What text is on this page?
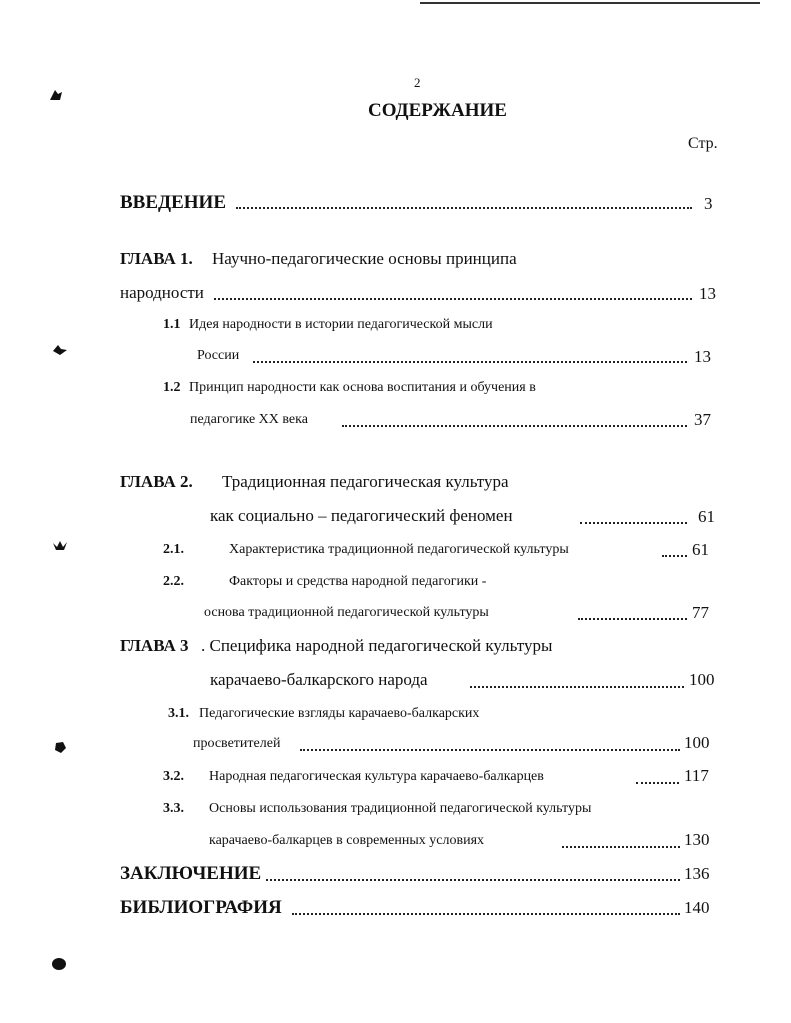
2
СОДЕРЖАНИЕ
Стр.
ВВЕДЕНИЕ	3
ГЛАВА 1. Научно-педагогические основы принципа
народности	13
1.1 Идея народности в истории педагогической мысли
России	13
1.2 Принцип народности как основа воспитания и обучения в
педагогике XX века	37
ГЛАВА 2. Традиционная педагогическая культура
как социально – педагогический феномен	61
2.1.	Характеристика традиционной педагогической культуры	61
2.2.	Факторы и средства народной педагогики -
основа традиционной педагогической культуры	77
ГЛАВА 3 . Специфика народной педагогической культуры
карачаево-балкарского народа	100
3.1. Педагогические взгляды карачаево-балкарских
просветителей	100
3.2. Народная педагогическая культура карачаево-балкарцев	117
3.3. Основы использования традиционной педагогической культуры
карачаево-балкарцев в современных условиях	130
ЗАКЛЮЧЕНИЕ	136
БИБЛИОГРАФИЯ	140
